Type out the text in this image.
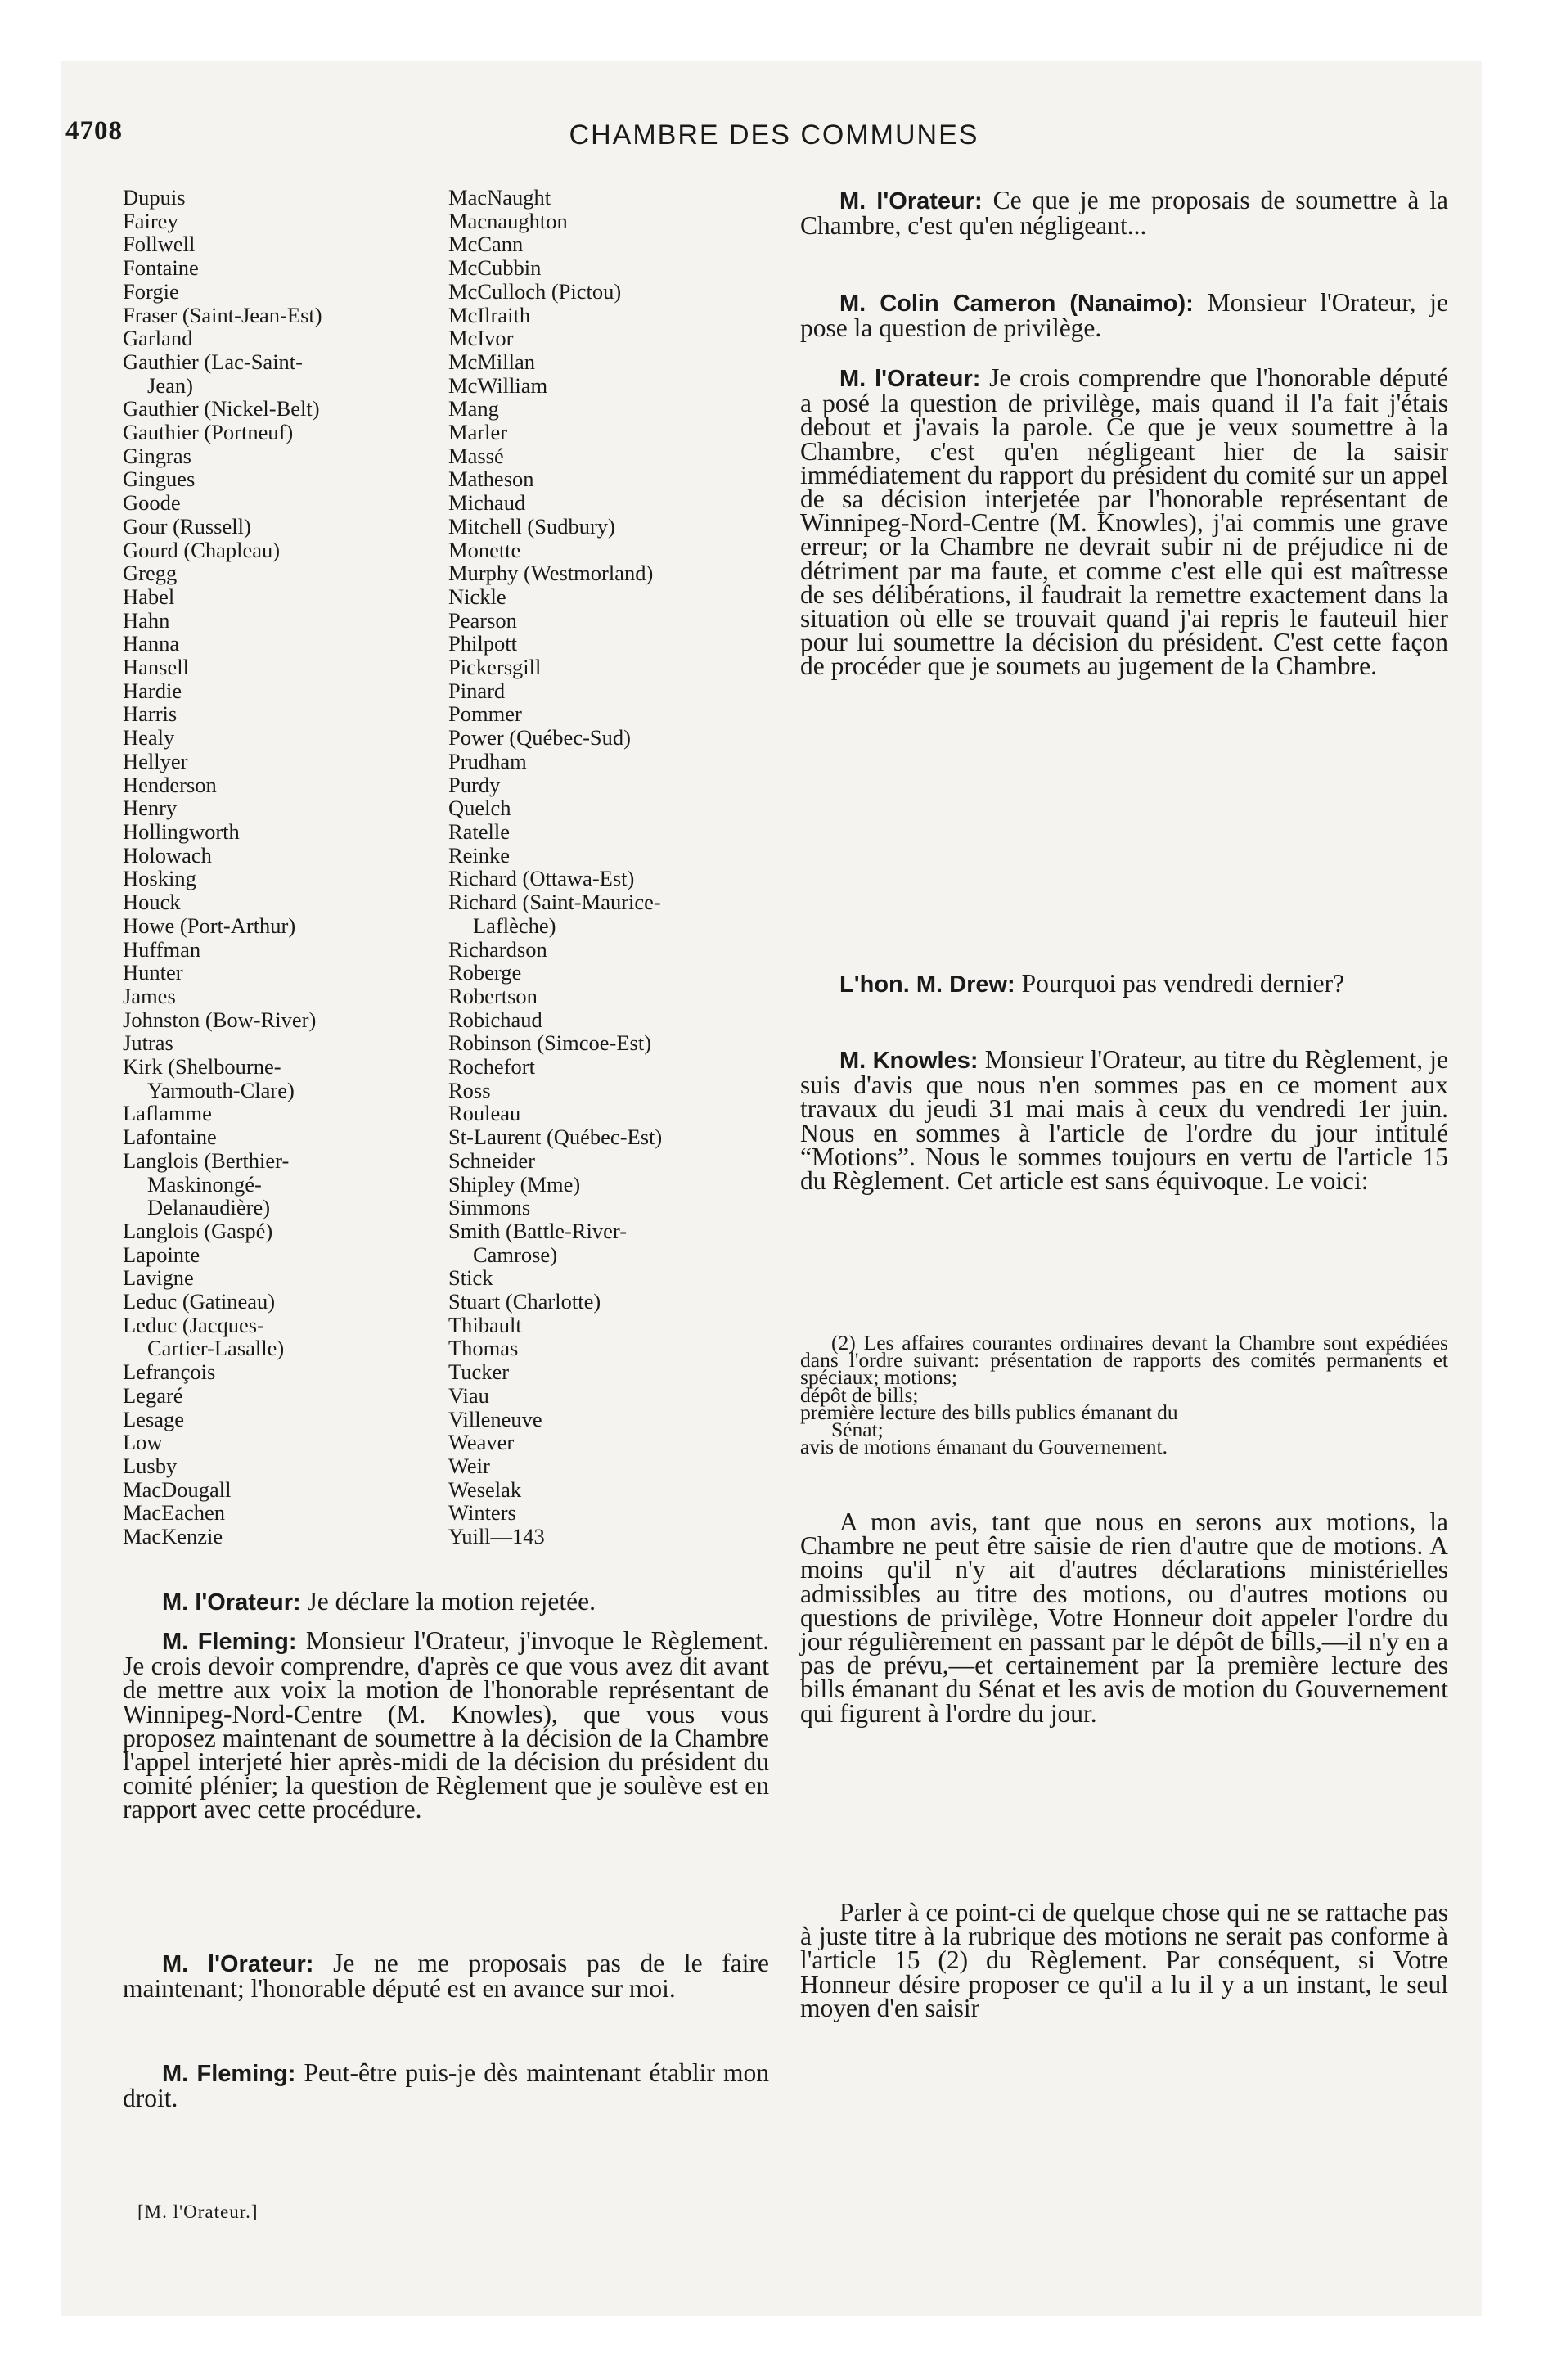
4708	CHAMBRE DES COMMUNES
Dupuis
Fairey
Follwell
Fontaine
Forgie
Fraser (Saint-Jean-Est)
Garland
Gauthier (Lac-Saint-
Jean)
Gauthier (Nickel-Belt)
Gauthier (Portneuf)
Gingras
Gingues
Goode
Gour (Russell)
Gourd (Chapleau)
Gregg
Habel
Hahn
Hanna
Hansell
Hardie
Harris
Healy
Hellyer
Henderson
Henry
Hollingworth
Holowach
Hosking
Houck
Howe (Port-Arthur)
Huffman
Hunter
James
Johnston (Bow-River)
Jutras
Kirk (Shelbourne-
Yarmouth-Clare)
Laflamme
Lafontaine
Langlois (Berthier-
Maskinongé-
Delanaudière)
Langlois (Gaspé)
Lapointe
Lavigne
Leduc (Gatineau)
Leduc (Jacques-
Cartier-Lasalle)
Lefrançois
Legaré
Lesage
Low
Lusby
MacDougall
MacEachen
MacKenzie
MacNaught
Macnaughton
McCann
McCubbin
McCulloch (Pictou)
McIlraith
McIvor
McMillan
McWilliam
Mang
Marler
Massé
Matheson
Michaud
Mitchell (Sudbury)
Monette
Murphy (Westmorland)
Nickle
Pearson
Philpott
Pickersgill
Pinard
Pommer
Power (Québec-Sud)
Prudham
Purdy
Quelch
Ratelle
Reinke
Richard (Ottawa-Est)
Richard (Saint-Maurice-
Laflèche)
Richardson
Roberge
Robertson
Robichaud
Robinson (Simcoe-Est)
Rochefort
Ross
Rouleau
St-Laurent (Québec-Est)
Schneider
Shipley (Mme)
Simmons
Smith (Battle-River-
Camrose)
Stick
Stuart (Charlotte)
Thibault
Thomas
Tucker
Viau
Villeneuve
Weaver
Weir
Weselak
Winters
Yuill—143

M. l'Orateur: Je déclare la motion rejetée.

M. Fleming: Monsieur l'Orateur, j'invoque le Règlement. Je crois devoir comprendre, d'après ce que vous avez dit avant de mettre aux voix la motion de l'honorable représentant de Winnipeg-Nord-Centre (M. Knowles), que vous vous proposez maintenant de soumettre à la décision de la Chambre l'appel interjeté hier après-midi de la décision du président du comité plénier; la question de Règlement que je soulève est en rapport avec cette procédure.

M. l'Orateur: Je ne me proposais pas de le faire maintenant; l'honorable député est en avance sur moi.

M. Fleming: Peut-être puis-je dès maintenant établir mon droit.

[M. l'Orateur.]

M. l'Orateur: Ce que je me proposais de soumettre à la Chambre, c'est qu'en négligeant...

M. Colin Cameron (Nanaimo): Monsieur l'Orateur, je pose la question de privilège.

M. l'Orateur: Je crois comprendre que l'honorable député a posé la question de privilège, mais quand il l'a fait j'étais debout et j'avais la parole. Ce que je veux soumettre à la Chambre, c'est qu'en négligeant hier de la saisir immédiatement du rapport du président du comité sur un appel de sa décision interjetée par l'honorable représentant de Winnipeg-Nord-Centre (M. Knowles), j'ai commis une grave erreur; or la Chambre ne devrait subir ni de préjudice ni de détriment par ma faute, et comme c'est elle qui est maîtresse de ses délibérations, il faudrait la remettre exactement dans la situation où elle se trouvait quand j'ai repris le fauteuil hier pour lui soumettre la décision du président. C'est cette façon de procéder que je soumets au jugement de la Chambre.

L'hon. M. Drew: Pourquoi pas vendredi dernier?

M. Knowles: Monsieur l'Orateur, au titre du Règlement, je suis d'avis que nous n'en sommes pas en ce moment aux travaux du jeudi 31 mai mais à ceux du vendredi 1er juin. Nous en sommes à l'article de l'ordre du jour intitulé “Motions”. Nous le sommes toujours en vertu de l'article 15 du Règlement. Cet article est sans équivoque. Le voici:

(2) Les affaires courantes ordinaires devant la Chambre sont expédiées dans l'ordre suivant: présentation de rapports des comités permanents et spéciaux; motions;
dépôt de bills;
première lecture des bills publics émanant du
Sénat;
avis de motions émanant du Gouvernement.

A mon avis, tant que nous en serons aux motions, la Chambre ne peut être saisie de rien d'autre que de motions. A moins qu'il n'y ait d'autres déclarations ministérielles admissibles au titre des motions, ou d'autres motions ou questions de privilège, Votre Honneur doit appeler l'ordre du jour régulièrement en passant par le dépôt de bills,—il n'y en a pas de prévu,—et certainement par la première lecture des bills émanant du Sénat et les avis de motion du Gouvernement qui figurent à l'ordre du jour.

Parler à ce point-ci de quelque chose qui ne se rattache pas à juste titre à la rubrique des motions ne serait pas conforme à l'article 15 (2) du Règlement. Par conséquent, si Votre Honneur désire proposer ce qu'il a lu il y a un instant, le seul moyen d'en saisir
